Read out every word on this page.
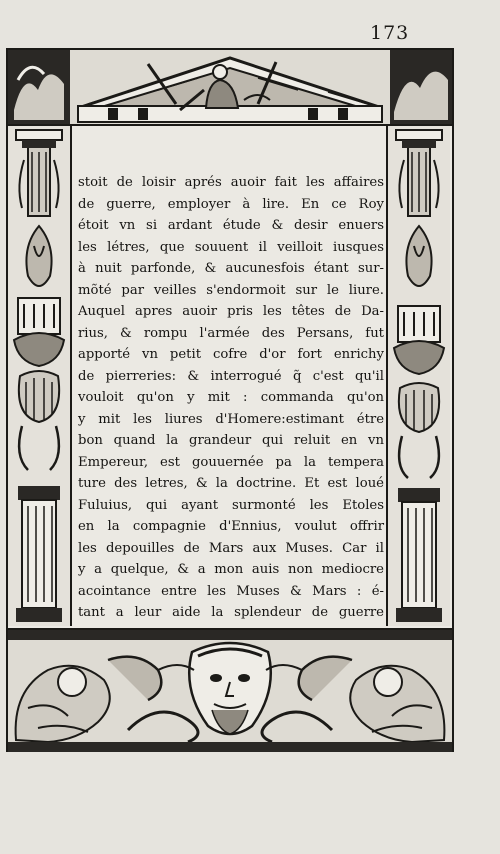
173
stoit de loisir aprés auoir fait les affaires
de guerre, employer à lire. En ce Roy
étoit vn si ardant étude & desir enuers
les létres, que souuent il veilloit iusques
à nuit parfonde, & aucunesfois étant sur-
mõté par veilles s'endormoit sur le liure.
Auquel apres auoir pris les têtes de Da-
rius, & rompu l'armée des Persans, fut
apporté vn petit cofre d'or fort enrichy
de pierreries: & interrogué q̃ c'est qu'il
vouloit qu'on y mit : commanda qu'on
y mit les liures d'Homere:estimant étre
bon quand la grandeur qui reluit en vn
Empereur, est gouuernée pa la tempera
ture des letres, & la doctrine. Et est loué
Fuluius, qui ayant surmonté les Etoles
en la compagnie d'Ennius, voulut offrir
les depouilles de Mars aux Muses. Car il
y a quelque, & a mon auis non mediocre
acointance entre les Muses & Mars : é-
tant a leur aide la splendeur de guerre
